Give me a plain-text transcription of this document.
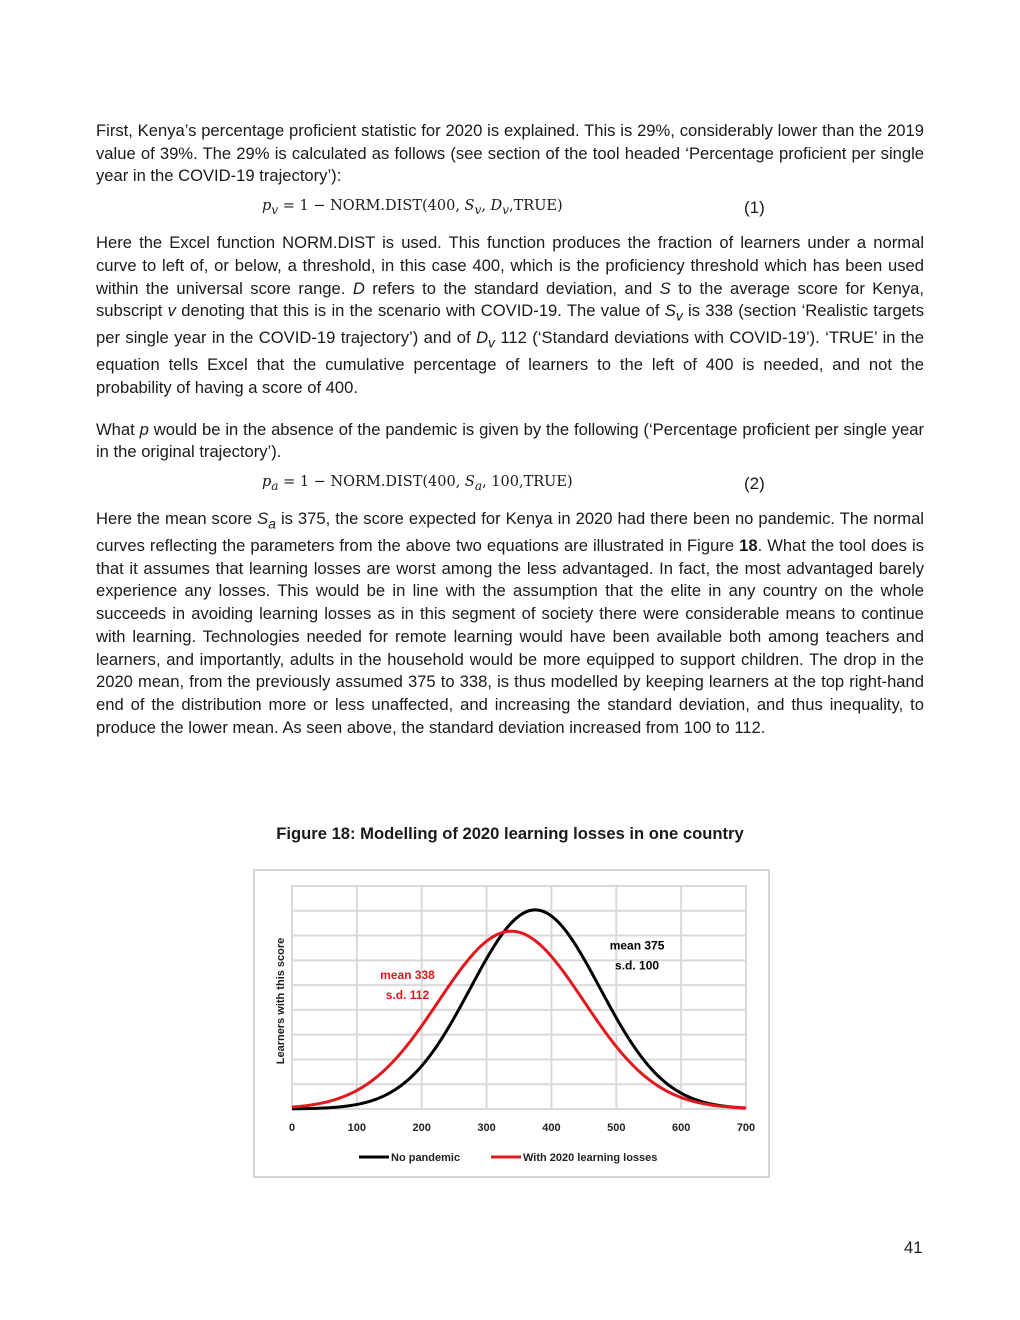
First, Kenya’s percentage proficient statistic for 2020 is explained. This is 29%, considerably lower than the 2019 value of 39%. The 29% is calculated as follows (see section of the tool headed ‘Percentage proficient per single year in the COVID-19 trajectory’):

$p_v = 1$ − NORM.DIST(400, $S_v$, $D_v,TRUE$)	(1)

Here the Excel function NORM.DIST is used. This function produces the fraction of learners under a normal curve to left of, or below, a threshold, in this case 400, which is the proficiency threshold which has been used within the universal score range. D refers to the standard deviation, and S to the average score for Kenya, subscript v denoting that this is in the scenario with COVID-19. The value of $S_v$ is 338 (section ‘Realistic targets per single year in the COVID-19 trajectory’) and of $D_v$ 112 (‘Standard deviations with COVID-19’). ‘TRUE’ in the equation tells Excel that the cumulative percentage of learners to the left of 400 is needed, and not the probability of having a score of 400.

What p would be in the absence of the pandemic is given by the following (‘Percentage proficient per single year in the original trajectory’).

$p_a = 1$ − NORM.DIST(400, $S_a$, 100,TRUE)	(2)

Here the mean score $S_a$ is 375, the score expected for Kenya in 2020 had there been no pandemic. The normal curves reflecting the parameters from the above two equations are illustrated in Figure 18. What the tool does is that it assumes that learning losses are worst among the less advantaged. In fact, the most advantaged barely experience any losses. This would be in line with the assumption that the elite in any country on the whole succeeds in avoiding learning losses as in this segment of society there were considerable means to continue with learning. Technologies needed for remote learning would have been available both among teachers and learners, and importantly, adults in the household would be more equipped to support children. The drop in the 2020 mean, from the previously assumed 375 to 338, is thus modelled by keeping learners at the top right-hand end of the distribution more or less unaffected, and increasing the standard deviation, and thus inequality, to produce the lower mean. As seen above, the standard deviation increased from 100 to 112.

Figure 18: Modelling of 2020 learning losses in one country
0	100	200	300	400	500	600	700
mean 338
s.d. 112
mean 375
s.d. 100
Learners with this score
No pandemic	With 2020 learning losses
41
